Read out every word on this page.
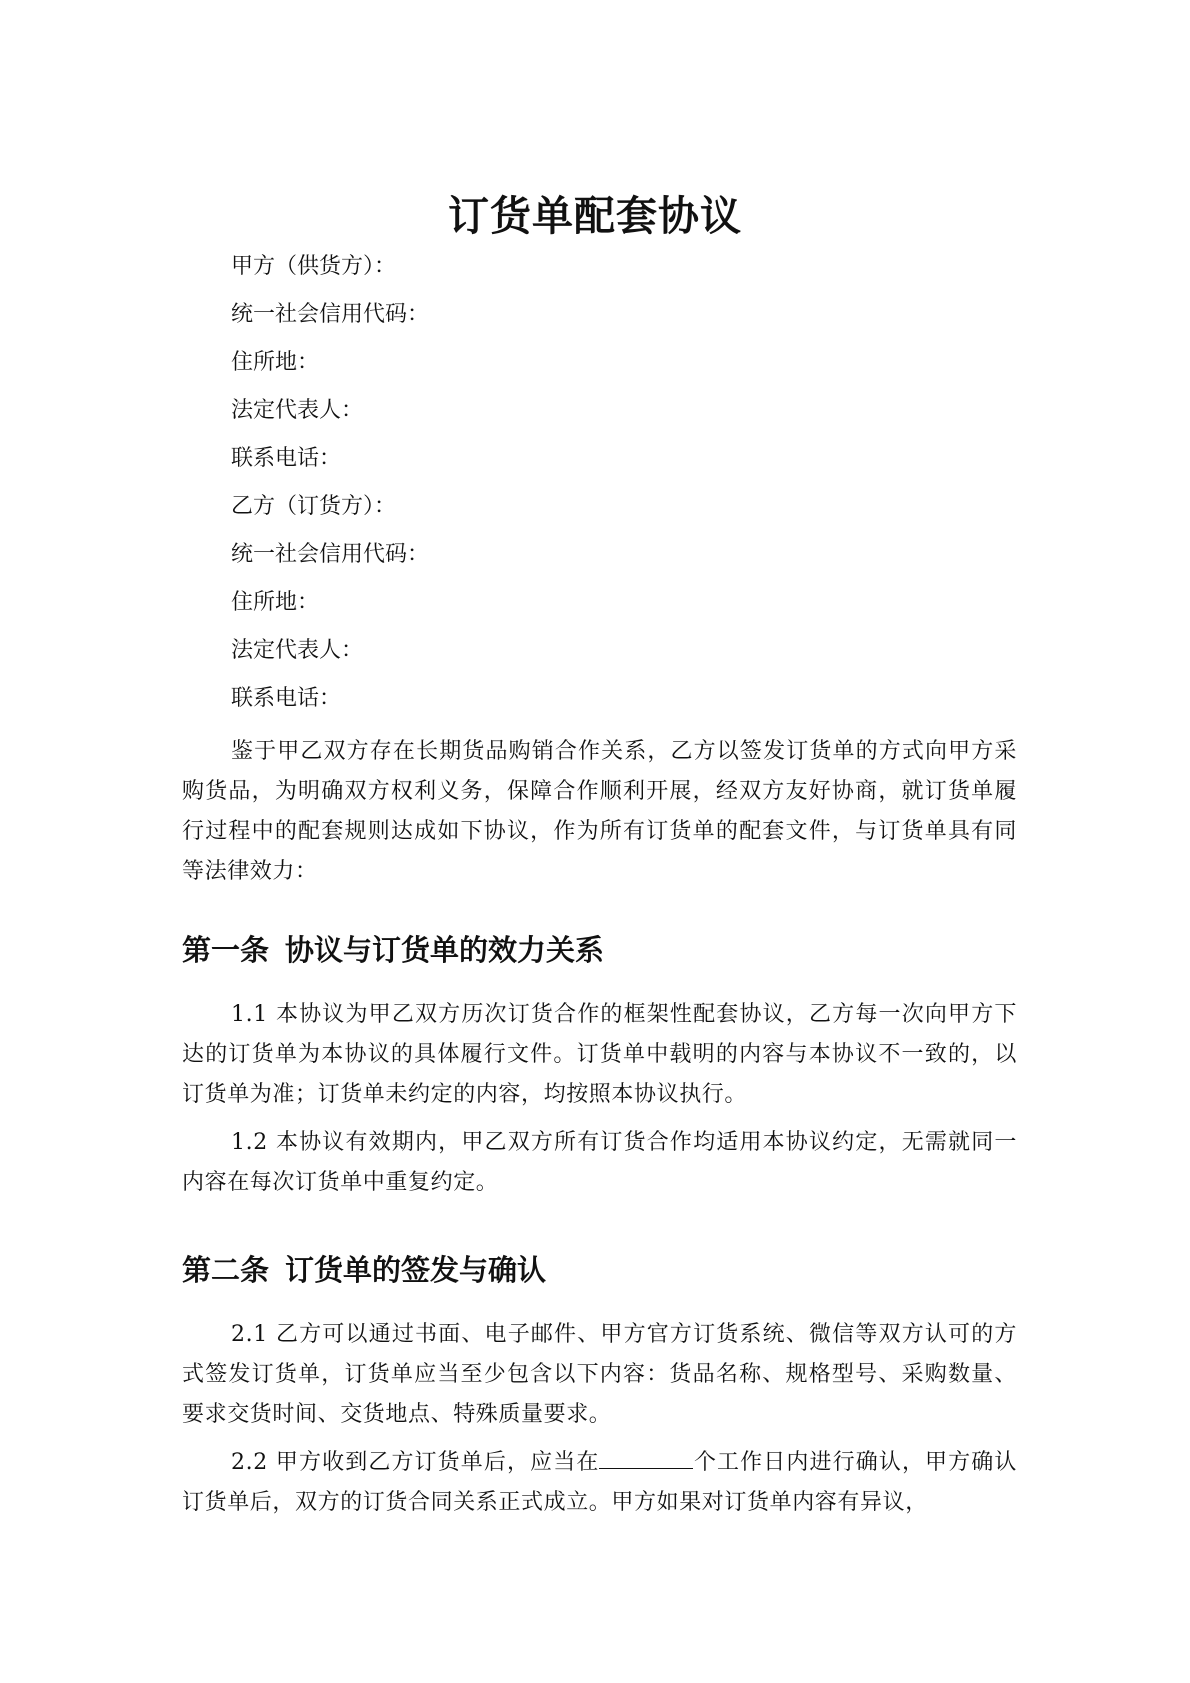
订货单配套协议
甲方（供货方）：
统一社会信用代码：
住所地：
法定代表人：
联系电话：
乙方（订货方）：
统一社会信用代码：
住所地：
法定代表人：
联系电话：

鉴于甲乙双方存在长期货品购销合作关系，乙方以签发订货单的方式向甲方采购货品，为明确双方权利义务，保障合作顺利开展，经双方友好协商，就订货单履行过程中的配套规则达成如下协议，作为所有订货单的配套文件，与订货单具有同等法律效力：

第一条 协议与订货单的效力关系

1.1 本协议为甲乙双方历次订货合作的框架性配套协议，乙方每一次向甲方下达的订货单为本协议的具体履行文件。订货单中载明的内容与本协议不一致的，以订货单为准；订货单未约定的内容，均按照本协议执行。

1.2 本协议有效期内，甲乙双方所有订货合作均适用本协议约定，无需就同一内容在每次订货单中重复约定。

第二条 订货单的签发与确认

2.1 乙方可以通过书面、电子邮件、甲方官方订货系统、微信等双方认可的方式签发订货单，订货单应当至少包含以下内容：货品名称、规格型号、采购数量、要求交货时间、交货地点、特殊质量要求。

2.2 甲方收到乙方订货单后，应当在	个工作日内进行确认，甲方确认订货单后，双方的订货合同关系正式成立。甲方如果对订货单内容有异议，
